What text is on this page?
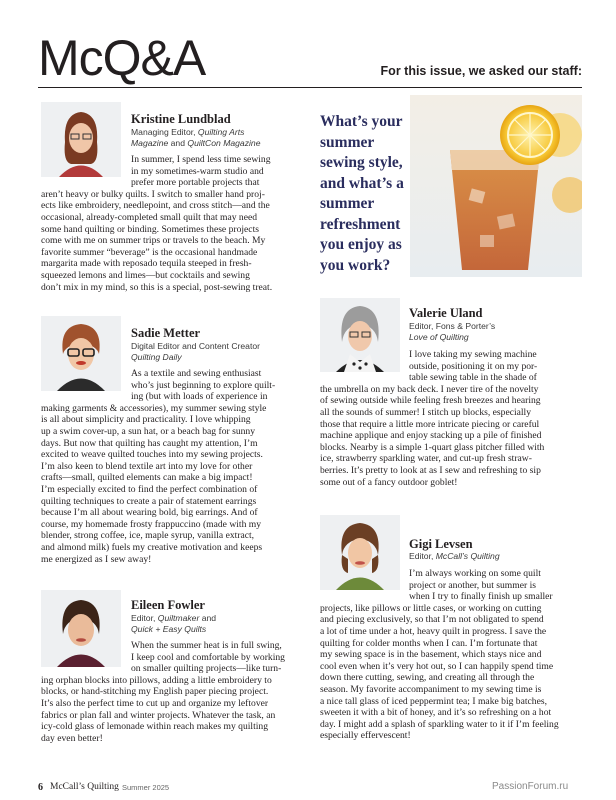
McQ&A	For this issue, we asked our staff:
What’s your summer sewing style, and what’s a summer refreshment you enjoy as you work?
Kristine Lundblad
Managing Editor, Quilting Arts
Magazine and QuiltCon Magazine
In summer, I spend less time sewing
in my sometimes-warm studio and
prefer more portable projects that
aren’t heavy or bulky quilts. I switch to smaller hand proj-
ects like embroidery, needlepoint, and cross stitch—and the
occasional, already-completed small quilt that may need
some hand quilting or binding. Sometimes these projects
come with me on summer trips or travels to the beach. My
favorite summer “beverage” is the occasional handmade
margarita made with reposado tequila steeped in fresh-
squeezed lemons and limes—but cocktails and sewing
don’t mix in my mind, so this is a special, post-sewing treat.
Sadie Metter
Digital Editor and Content Creator
Quilting Daily
As a textile and sewing enthusiast
who’s just beginning to explore quilt-
ing (but with loads of experience in
making garments & accessories), my summer sewing style
is all about simplicity and practicality. I love whipping
up a swim cover-up, a sun hat, or a beach bag for sunny
days. But now that quilting has caught my attention, I’m
excited to weave quilted touches into my sewing projects.
I’m also keen to blend textile art into my love for other
crafts—small, quilted elements can make a big impact!
I’m especially excited to find the perfect combination of
quilting techniques to create a pair of statement earrings
because I’m all about wearing bold, big earrings. And of
course, my homemade frosty frappuccino (made with my
blender, strong coffee, ice, maple syrup, vanilla extract,
and almond milk) fuels my creative motivation and keeps
me energized as I sew away!
Eileen Fowler
Editor, Quiltmaker and
Quick + Easy Quilts
When the summer heat is in full swing,
I keep cool and comfortable by working
on smaller quilting projects—like turn-
ing orphan blocks into pillows, adding a little embroidery to
blocks, or hand-stitching my English paper piecing project.
It’s also the perfect time to cut up and organize my leftover
fabrics or plan fall and winter projects. Whatever the task, an
icy-cold glass of lemonade within reach makes my quilting
day even better!
Valerie Uland
Editor, Fons & Porter’s
Love of Quilting
I love taking my sewing machine
outside, positioning it on my por-
table sewing table in the shade of
the umbrella on my back deck. I never tire of the novelty
of sewing outside while feeling fresh breezes and hearing
all the sounds of summer! I stitch up blocks, especially
those that require a little more intricate piecing or careful
machine applique and enjoy stacking up a pile of finished
blocks. Nearby is a simple 1-quart glass pitcher filled with
ice, strawberry sparkling water, and cut-up fresh straw-
berries. It’s pretty to look at as I sew and refreshing to sip
some out of a fancy outdoor goblet!
Gigi Levsen
Editor, McCall’s Quilting
I’m always working on some quilt
project or another, but summer is
when I try to finally finish up smaller
projects, like pillows or little cases, or working on cutting
and piecing exclusively, so that I’m not obligated to spend
a lot of time under a hot, heavy quilt in progress. I save the
quilting for colder months when I can. I’m fortunate that
my sewing space is in the basement, which stays nice and
cool even when it’s very hot out, so I can happily spend time
down there cutting, sewing, and creating all through the
season. My favorite accompaniment to my sewing time is
a nice tall glass of iced peppermint tea; I make big batches,
sweeten it with a bit of honey, and it’s so refreshing on a hot
day. I might add a splash of sparkling water to it if I’m feeling
especially effervescent!
6 McCall’s Quilting Summer 2025	PassionForum.ru
